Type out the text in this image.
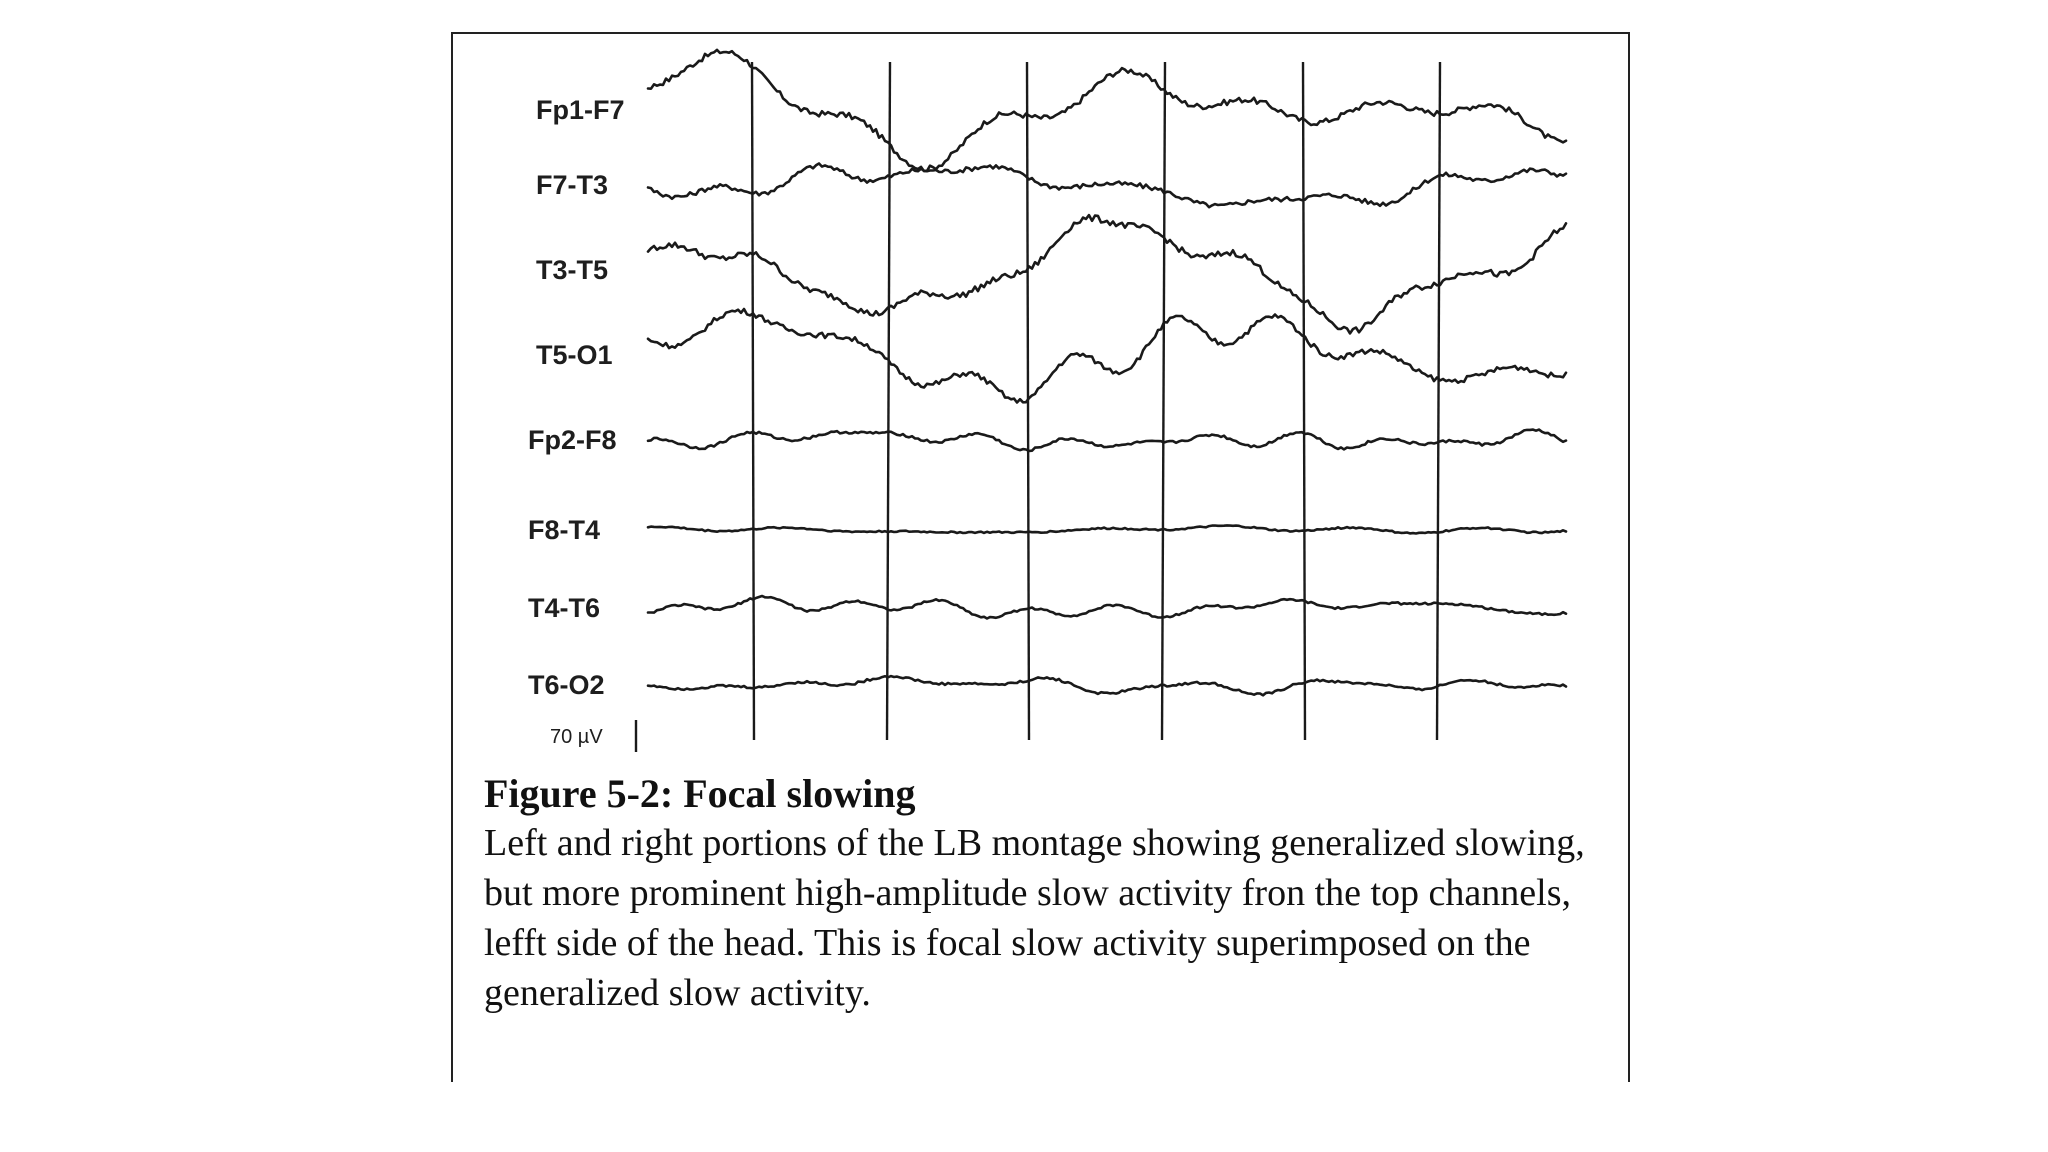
Fp1-F7
F7-T3
T3-T5
T5-O1
Fp2-F8
F8-T4
T4-T6
T6-O2
70 µV
Figure 5-2: Focal slowing

Left and right portions of the LB montage showing generalized slowing, but more prominent high-amplitude slow activity fron the top channels, lefft side of the head. This is focal slow activity superimposed on the generalized slow activity.
